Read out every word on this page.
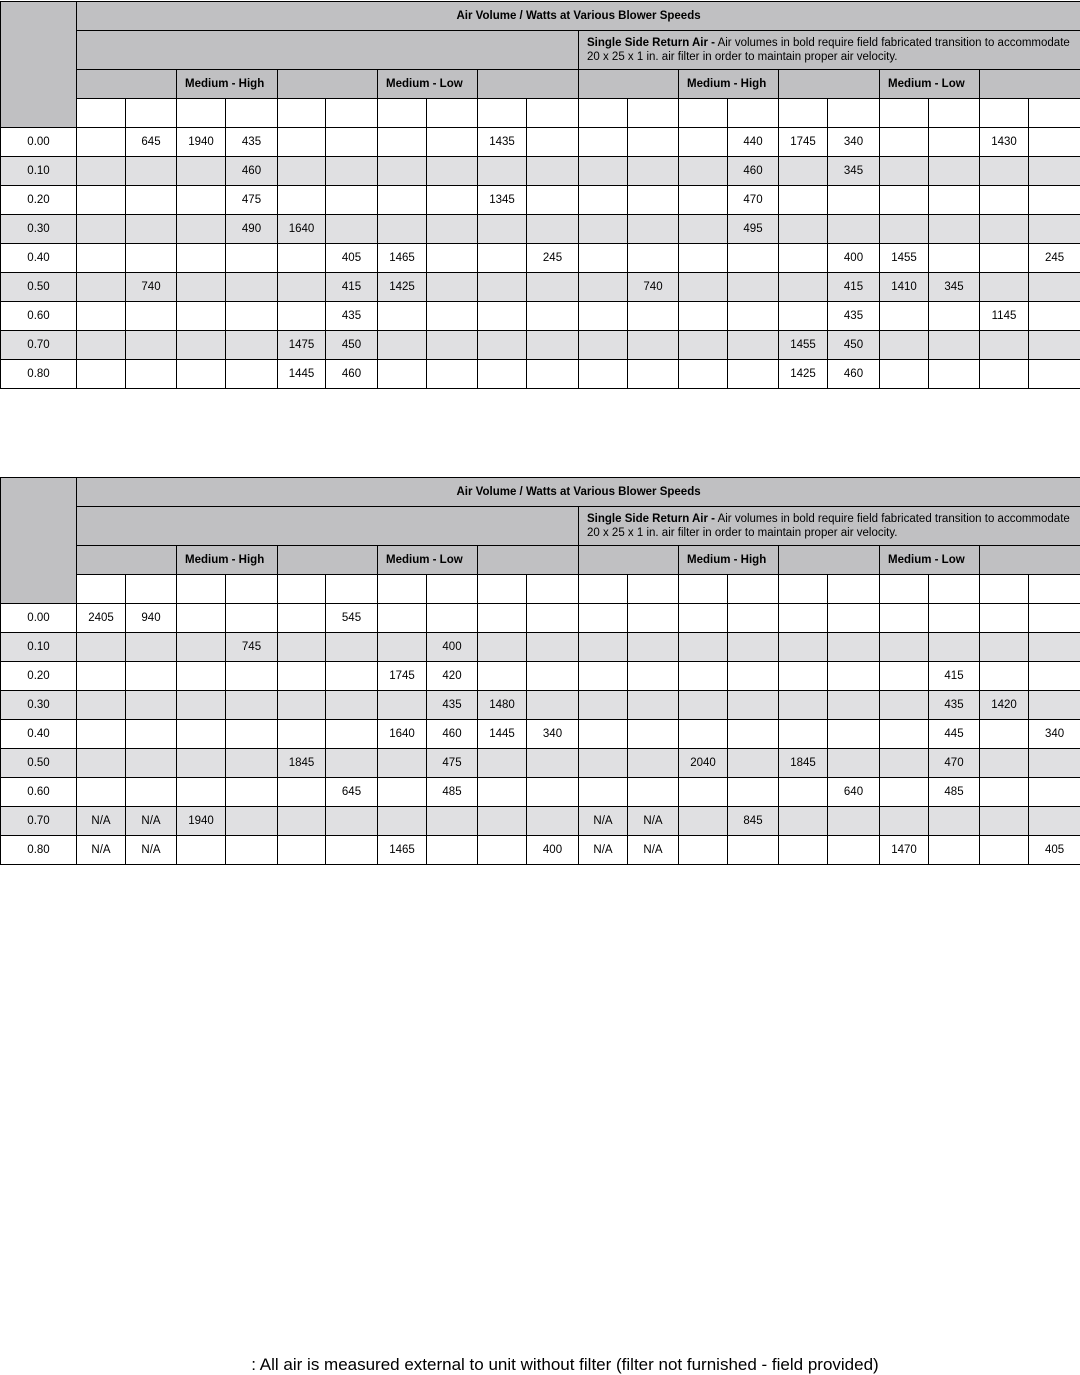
	Air Volume / Watts at Various Blower Speeds																			
											Single Side Return Air - Air volumes in bold require field fabricated transition to accommodate 20 x 25 x 1 in. air filter in order to maintain proper air velocity.									
			Medium - High				Medium - Low						Medium - High				Medium - Low			

0.00		645	1940	435					1435					440	1745	340			1430	
0.10				460										460		345				
0.20				475					1345					470						
0.30				490	1640									495						
0.40						405	1465			245						400	1455			245
0.50		740				415	1425					740				415	1410	345		
0.60						435										435			1145	
0.70					1475	450									1455	450				
0.80					1445	460									1425	460				
	Air Volume / Watts at Various Blower Speeds																			
											Single Side Return Air - Air volumes in bold require field fabricated transition to accommodate 20 x 25 x 1 in. air filter in order to maintain proper air velocity.									
			Medium - High				Medium - Low						Medium - High				Medium - Low			

0.00	2405	940				545														
0.10				745				400												
0.20							1745	420										415		
0.30								435	1480									435	1420	
0.40							1640	460	1445	340								445		340
0.50					1845			475					2040		1845			470		
0.60						645		485								640		485		
0.70	N/A	N/A	1940								N/A	N/A		845						
0.80	N/A	N/A					1465			400	N/A	N/A					1470			405
: All air is measured external to unit without filter (filter not furnished - field provided)
